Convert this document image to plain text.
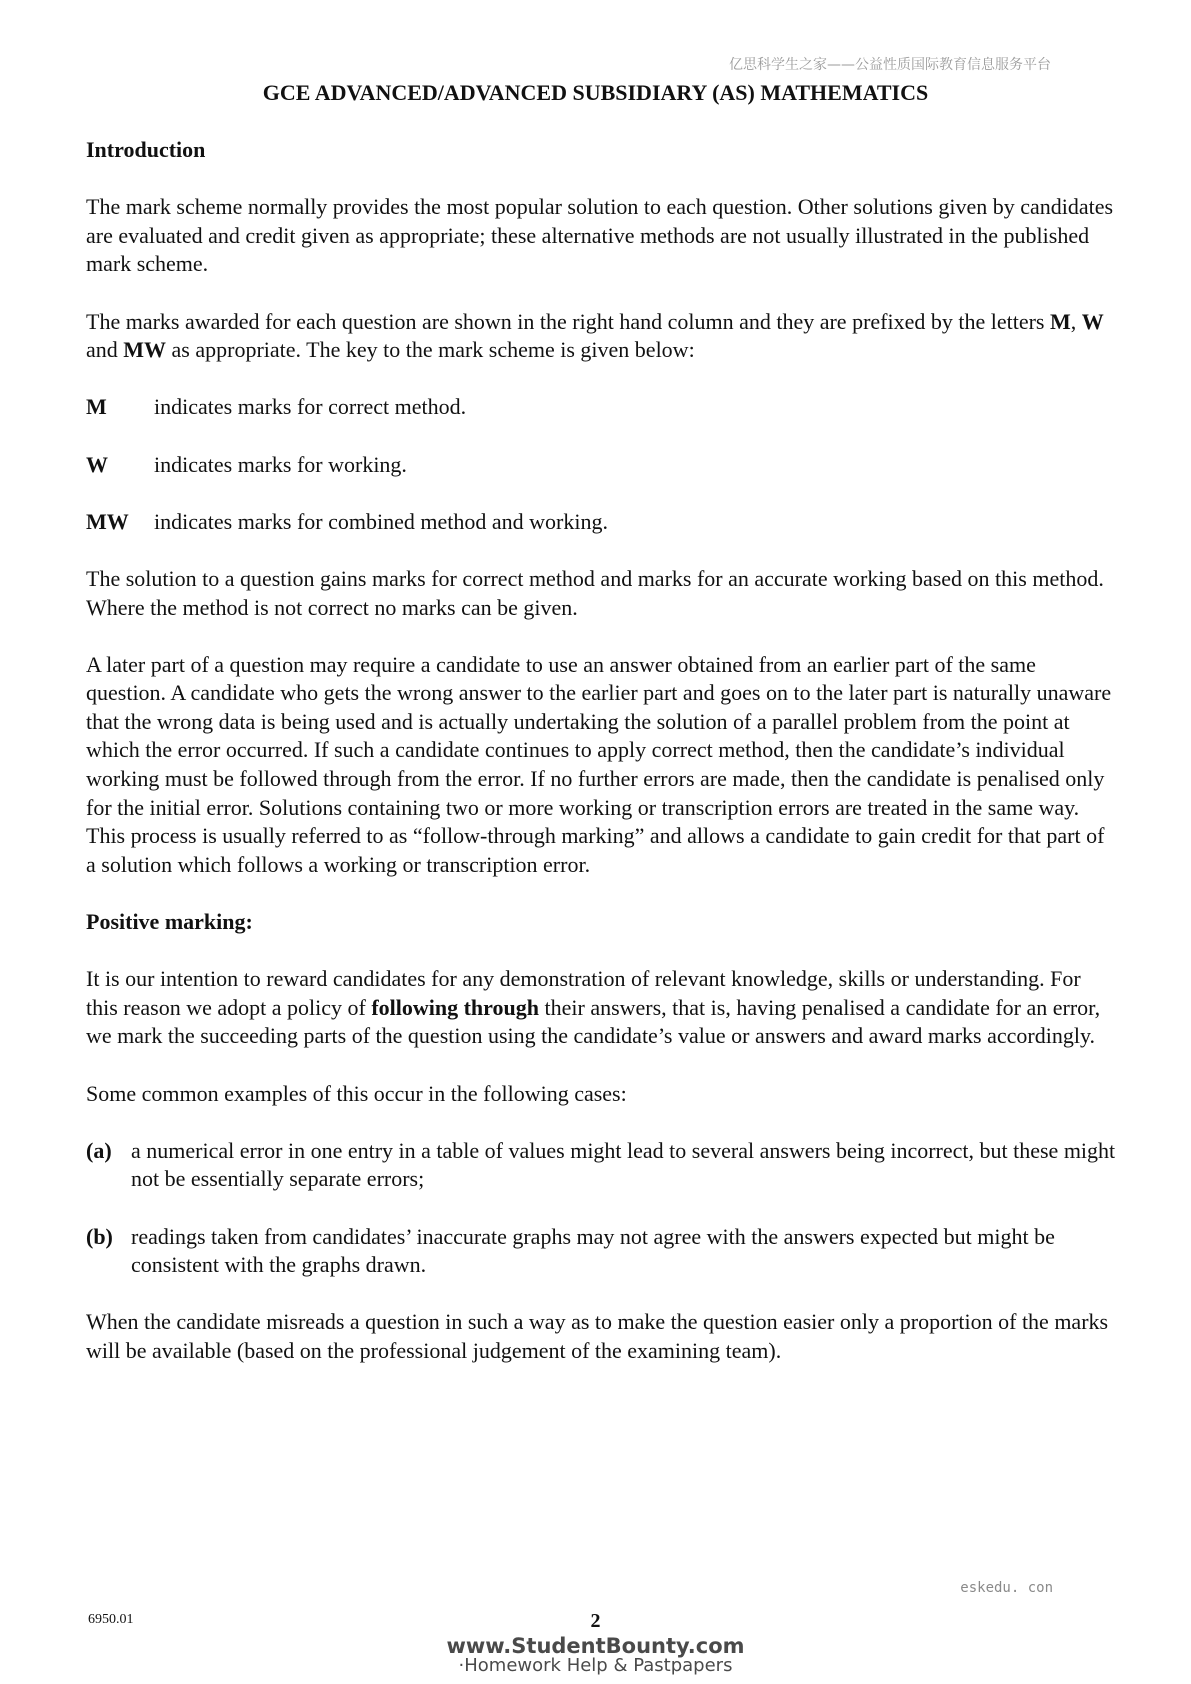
亿思科学生之家——公益性质国际教育信息服务平台
GCE ADVANCED/ADVANCED SUBSIDIARY (AS) MATHEMATICS

Introduction

The mark scheme normally provides the most popular solution to each question. Other solutions given by candidates are evaluated and credit given as appropriate; these alternative methods are not usually illustrated in the published mark scheme.

The marks awarded for each question are shown in the right hand column and they are prefixed by the letters M, W and MW as appropriate. The key to the mark scheme is given below:

M	indicates marks for correct method.
W	indicates marks for working.
MW	indicates marks for combined method and working.

The solution to a question gains marks for correct method and marks for an accurate working based on this method. Where the method is not correct no marks can be given.

A later part of a question may require a candidate to use an answer obtained from an earlier part of the same question. A candidate who gets the wrong answer to the earlier part and goes on to the later part is naturally unaware that the wrong data is being used and is actually undertaking the solution of a parallel problem from the point at which the error occurred. If such a candidate continues to apply correct method, then the candidate’s individual working must be followed through from the error. If no further errors are made, then the candidate is penalised only for the initial error. Solutions containing two or more working or transcription errors are treated in the same way. This process is usually referred to as “follow-through marking” and allows a candidate to gain credit for that part of a solution which follows a working or transcription error.

Positive marking:

It is our intention to reward candidates for any demonstration of relevant knowledge, skills or understanding. For this reason we adopt a policy of following through their answers, that is, having penalised a candidate for an error, we mark the succeeding parts of the question using the candidate’s value or answers and award marks accordingly.

Some common examples of this occur in the following cases:

(a) a numerical error in one entry in a table of values might lead to several answers being incorrect, but these might not be essentially separate errors;
(b) readings taken from candidates’ inaccurate graphs may not agree with the answers expected but might be consistent with the graphs drawn.

When the candidate misreads a question in such a way as to make the question easier only a proportion of the marks will be available (based on the professional judgement of the examining team).

eskedu. con
6950.01	2
www.StudentBounty.com
·Homework Help & Pastpapers
